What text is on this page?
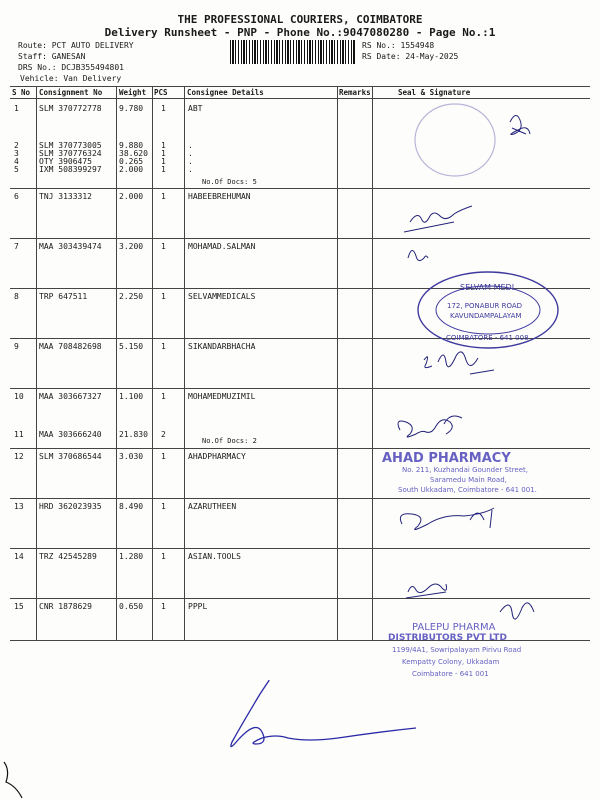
THE PROFESSIONAL COURIERS, COIMBATORE
Delivery Runsheet - PNP - Phone No.:9047080280 - Page No.:1
Route: PCT AUTO DELIVERY
Staff: GANESAN
DRS No.: DCJB355494801
Vehicle: Van Delivery
RS No.: 1554948
RS Date: 24-May-2025
S No Consignment No Weight PCS	Consignee Details	Remarks	Seal & Signature
1	SLM 370772778 9.780 1	ABT
2	SLM 370773005 9.880 1	.
3	SLM 370776324 38.620 1	.
4	OTY 3906475	0.265 1	.
5	IXM 508399297 2.000 1	.
6	TNJ 3133312	2.000 1	HABEEBREHUMAN
7	MAA 303439474 3.200 1	MOHAMAD.SALMAN
8	TRP 647511	2.250 1	SELVAMMEDICALS
9	MAA 708482698 5.150 1	SIKANDARBHACHA
10 MAA 303667327 1.100 1	MOHAMEDMUZIMIL
11 MAA 303666240 21.830 2
12 SLM 370686544 3.030 1	AHADPHARMACY
13 HRD 362023935 8.490 1	AZARUTHEEN
14 TRZ 42545289	1.280 1	ASIAN.TOOLS
15 CNR 1878629	0.650 1	PPPL
No.Of Docs: 5
No.Of Docs: 2
SELVAM MEDI
172, PONABUR ROAD
KAVUNDAMPALAYAM
COIMBATORE - 641 008
AHAD PHARMACY
No. 211, Kuzhandai Gounder Street,
Saramedu Main Road,
South Ukkadam, Coimbatore - 641 001.
PALEPU PHARMA
DISTRIBUTORS PVT LTD
1199/4A1, Sowripalayam Pirivu Road
Kempatty Colony, Ukkadam
Coimbatore - 641 001
